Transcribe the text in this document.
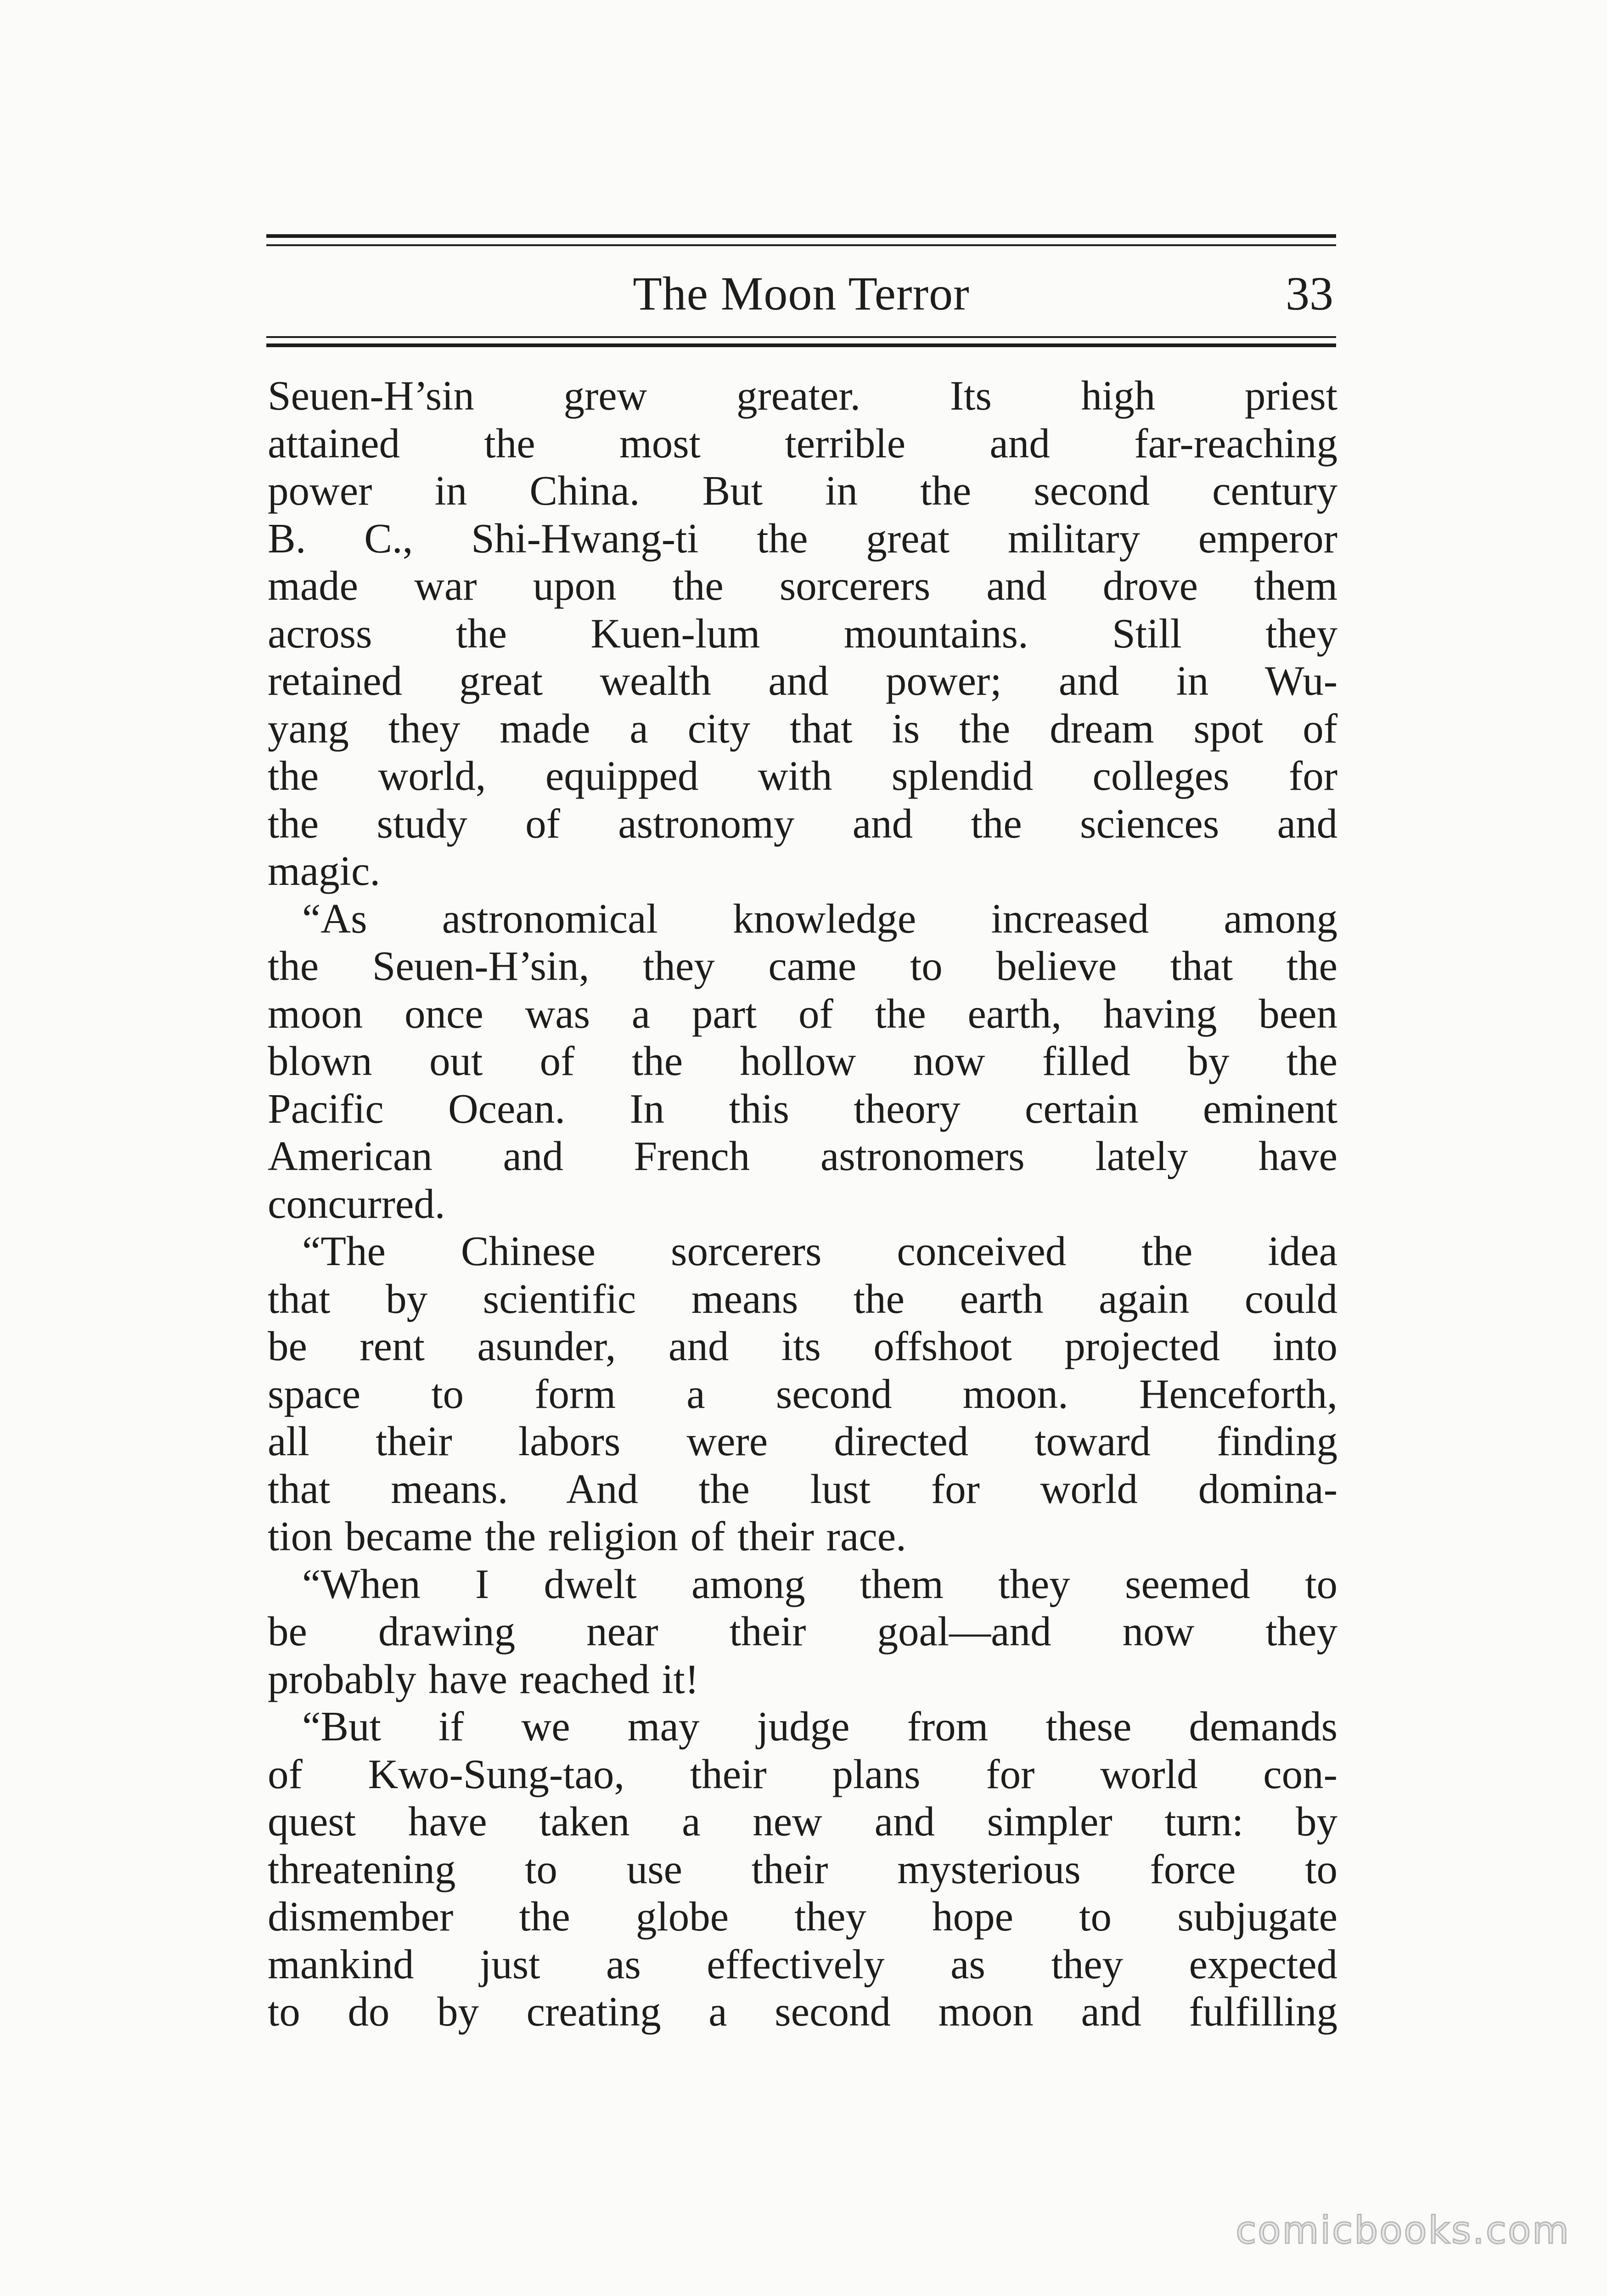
The Moon Terror	33
Seuen-H’sin grew greater. Its high priest
attained the most terrible and far-reaching
power in China. But in the second century
B. C., Shi-Hwang-ti the great military emperor
made war upon the sorcerers and drove them
across the Kuen-lum mountains. Still they
retained great wealth and power; and in Wu-
yang they made a city that is the dream spot of
the world, equipped with splendid colleges for
the study of astronomy and the sciences and
magic.
“As astronomical knowledge increased among
the Seuen-H’sin, they came to believe that the
moon once was a part of the earth, having been
blown out of the hollow now filled by the
Pacific Ocean. In this theory certain eminent
American and French astronomers lately have
concurred.
“The Chinese sorcerers conceived the idea
that by scientific means the earth again could
be rent asunder, and its offshoot projected into
space to form a second moon. Henceforth,
all their labors were directed toward finding
that means. And the lust for world domina-
tion became the religion of their race.
“When I dwelt among them they seemed to
be drawing near their goal—and now they
probably have reached it!
“But if we may judge from these demands
of Kwo-Sung-tao, their plans for world con-
quest have taken a new and simpler turn: by
threatening to use their mysterious force to
dismember the globe they hope to subjugate
mankind just as effectively as they expected
to do by creating a second moon and fulfilling
comicbooks.com
